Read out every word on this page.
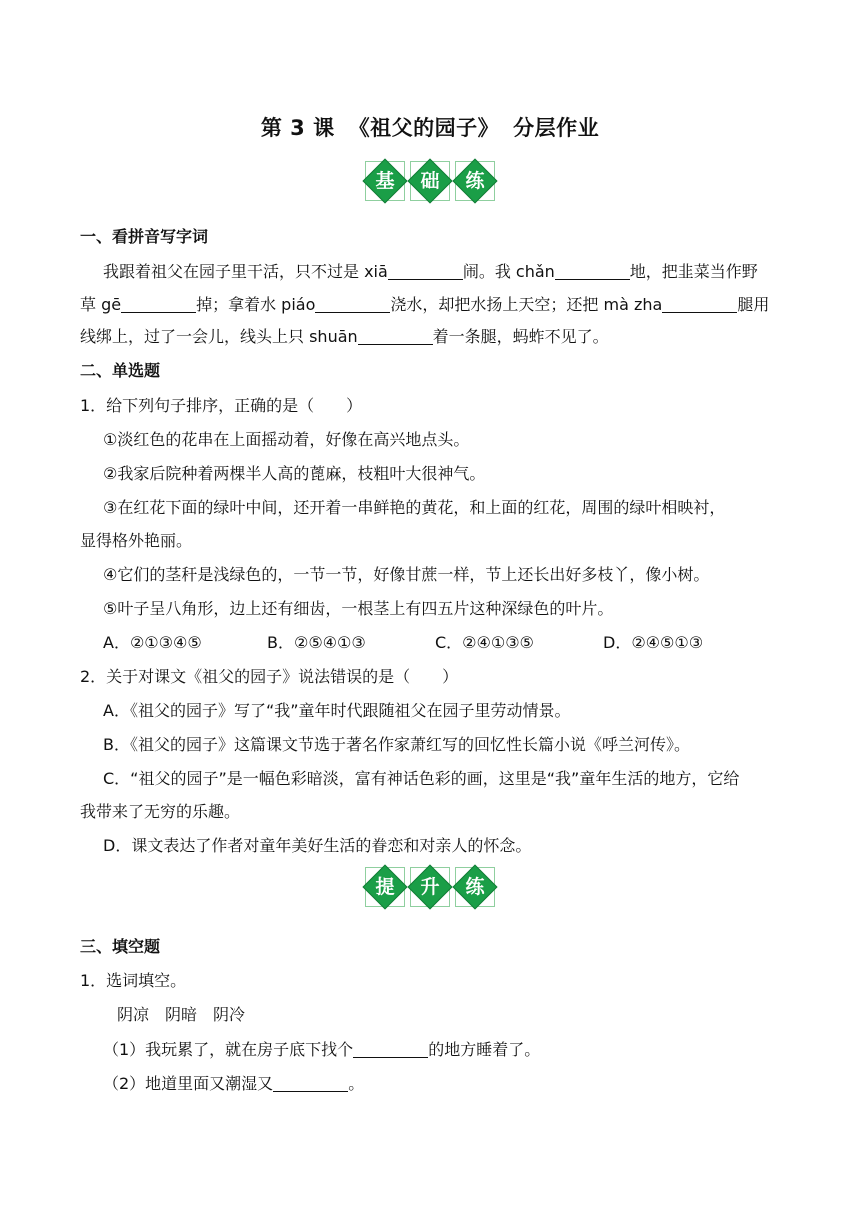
第 3 课 《祖父的园子》 分层作业
基	础	练
一、看拼音写字词
我跟着祖父在园子里干活，只不过是 xiā	闹。我 chǎn	地，把韭菜当作野
草 gē	掉；拿着水 piáo	浇水，却把水扬上天空；还把 mà zha	腿用
线绑上，过了一会儿，线头上只 shuān	着一条腿，蚂蚱不见了。
二、单选题
1．给下列句子排序，正确的是（　　）
①淡红色的花串在上面摇动着，好像在高兴地点头。
②我家后院种着两棵半人高的蓖麻，枝粗叶大很神气。
③在红花下面的绿叶中间，还开着一串鲜艳的黄花，和上面的红花，周围的绿叶相映衬，
显得格外艳丽。
④它们的茎秆是浅绿色的，一节一节，好像甘蔗一样，节上还长出好多枝丫，像小树。
⑤叶子呈八角形，边上还有细齿，一根茎上有四五片这种深绿色的叶片。
A．②①③④⑤	B．②⑤④①③	C．②④①③⑤	D．②④⑤①③
2．关于对课文《祖父的园子》说法错误的是（　　）
A．《祖父的园子》写了“我”童年时代跟随祖父在园子里劳动情景。
B．《祖父的园子》这篇课文节选于著名作家萧红写的回忆性长篇小说《呼兰河传》。
C．“祖父的园子”是一幅色彩暗淡，富有神话色彩的画，这里是“我”童年生活的地方，它给
我带来了无穷的乐趣。
D．课文表达了作者对童年美好生活的眷恋和对亲人的怀念。
提	升	练
三、填空题
1．选词填空。
阴凉　阴暗　阴冷
（1）我玩累了，就在房子底下找个	的地方睡着了。
（2）地道里面又潮湿又	。
